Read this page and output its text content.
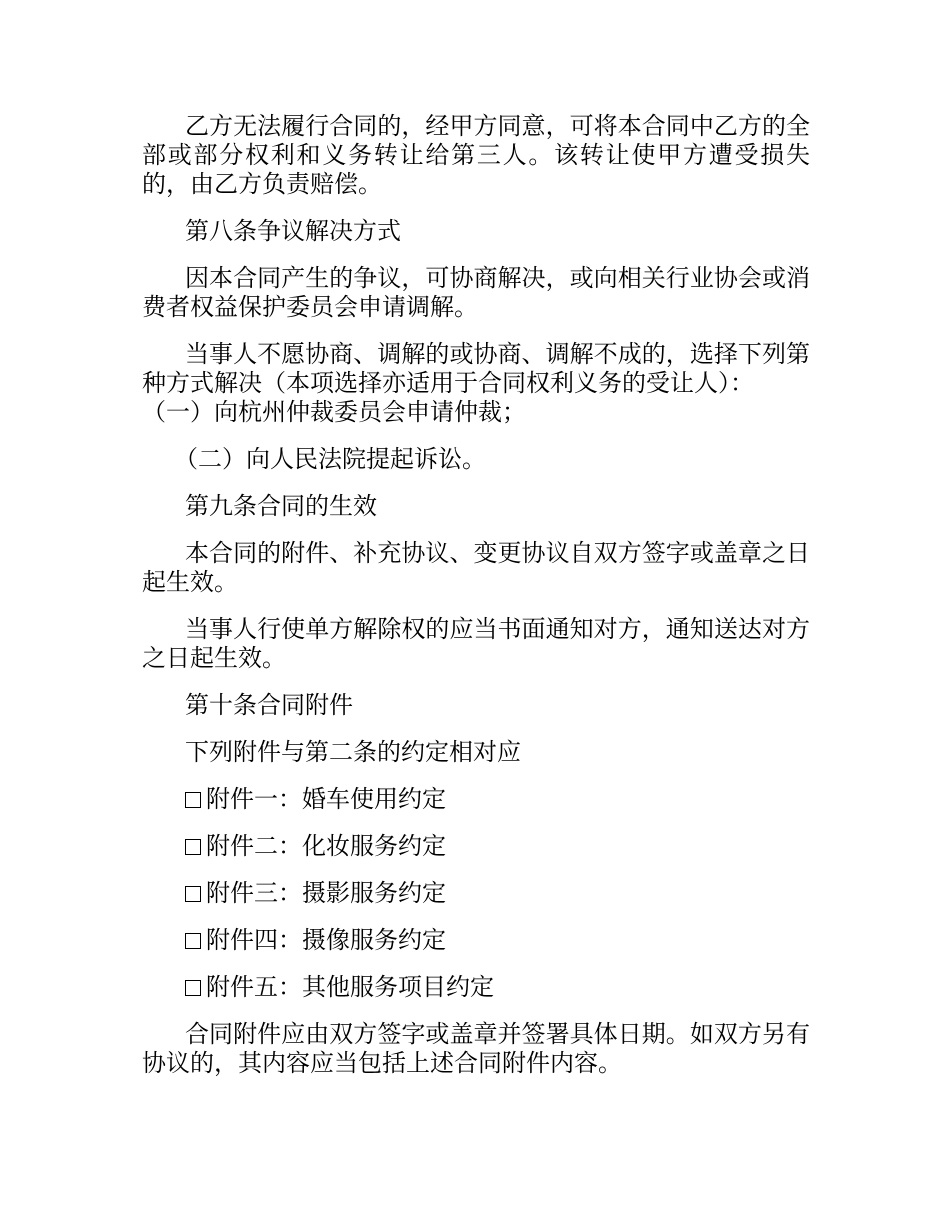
乙方无法履行合同的，经甲方同意，可将本合同中乙方的全部或部分权利和义务转让给第三人。该转让使甲方遭受损失的，由乙方负责赔偿。

第八条争议解决方式

因本合同产生的争议，可协商解决，或向相关行业协会或消费者权益保护委员会申请调解。

当事人不愿协商、调解的或协商、调解不成的，选择下列第种方式解决（本项选择亦适用于合同权利义务的受让人）：

（一）向杭州仲裁委员会申请仲裁；

（二）向人民法院提起诉讼。

第九条合同的生效

本合同的附件、补充协议、变更协议自双方签字或盖章之日起生效。

当事人行使单方解除权的应当书面通知对方，通知送达对方之日起生效。

第十条合同附件

下列附件与第二条的约定相对应

附件一：婚车使用约定
附件二：化妆服务约定
附件三：摄影服务约定
附件四：摄像服务约定
附件五：其他服务项目约定

合同附件应由双方签字或盖章并签署具体日期。如双方另有协议的，其内容应当包括上述合同附件内容。
